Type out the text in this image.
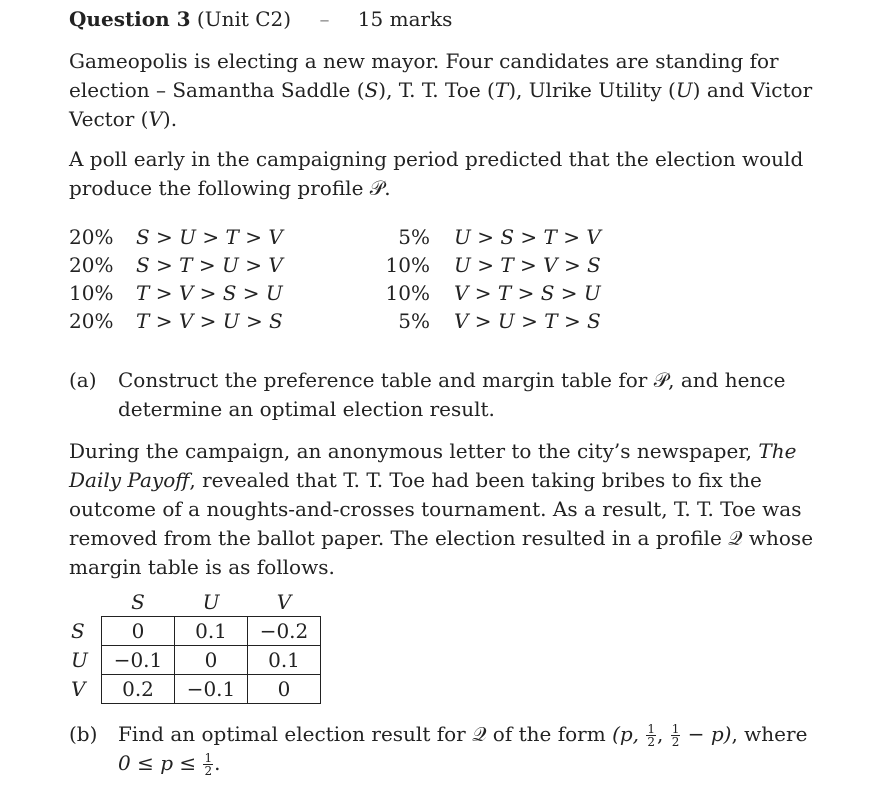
Question 3 (Unit C2) – 15 marks
Gameopolis is electing a new mayor. Four candidates are standing for
election – Samantha Saddle (S), T. T. Toe (T), Ulrike Utility (U) and Victor
Vector (V).
A poll early in the campaigning period predicted that the election would
produce the following profile 𝒫.
20% S > U > T > V	5% U > S > T > V
20% S > T > U > V	10% U > T > V > S
10% T > V > S > U	10% V > T > S > U
20% T > V > U > S	5% V > U > T > S
(a) Construct the preference table and margin table for 𝒫, and hence
determine an optimal election result.
During the campaign, an anonymous letter to the city’s newspaper, The
Daily Payoff, revealed that T. T. Toe had been taking bribes to fix the
outcome of a noughts-and-crosses tournament. As a result, T. T. Toe was
removed from the ballot paper. The election resulted in a profile 𝒬 whose
margin table is as follows.
	S	U	V
S	0	0.1	−0.2
U	−0.1	0	0.1
V	0.2	−0.1	0
(b) Find an optimal election result for 𝒬 of the form (p, $\frac{1}{2}$ , $\frac{1}{2} - p$), where
$0 \le p \le \frac{1}{2}$ .
